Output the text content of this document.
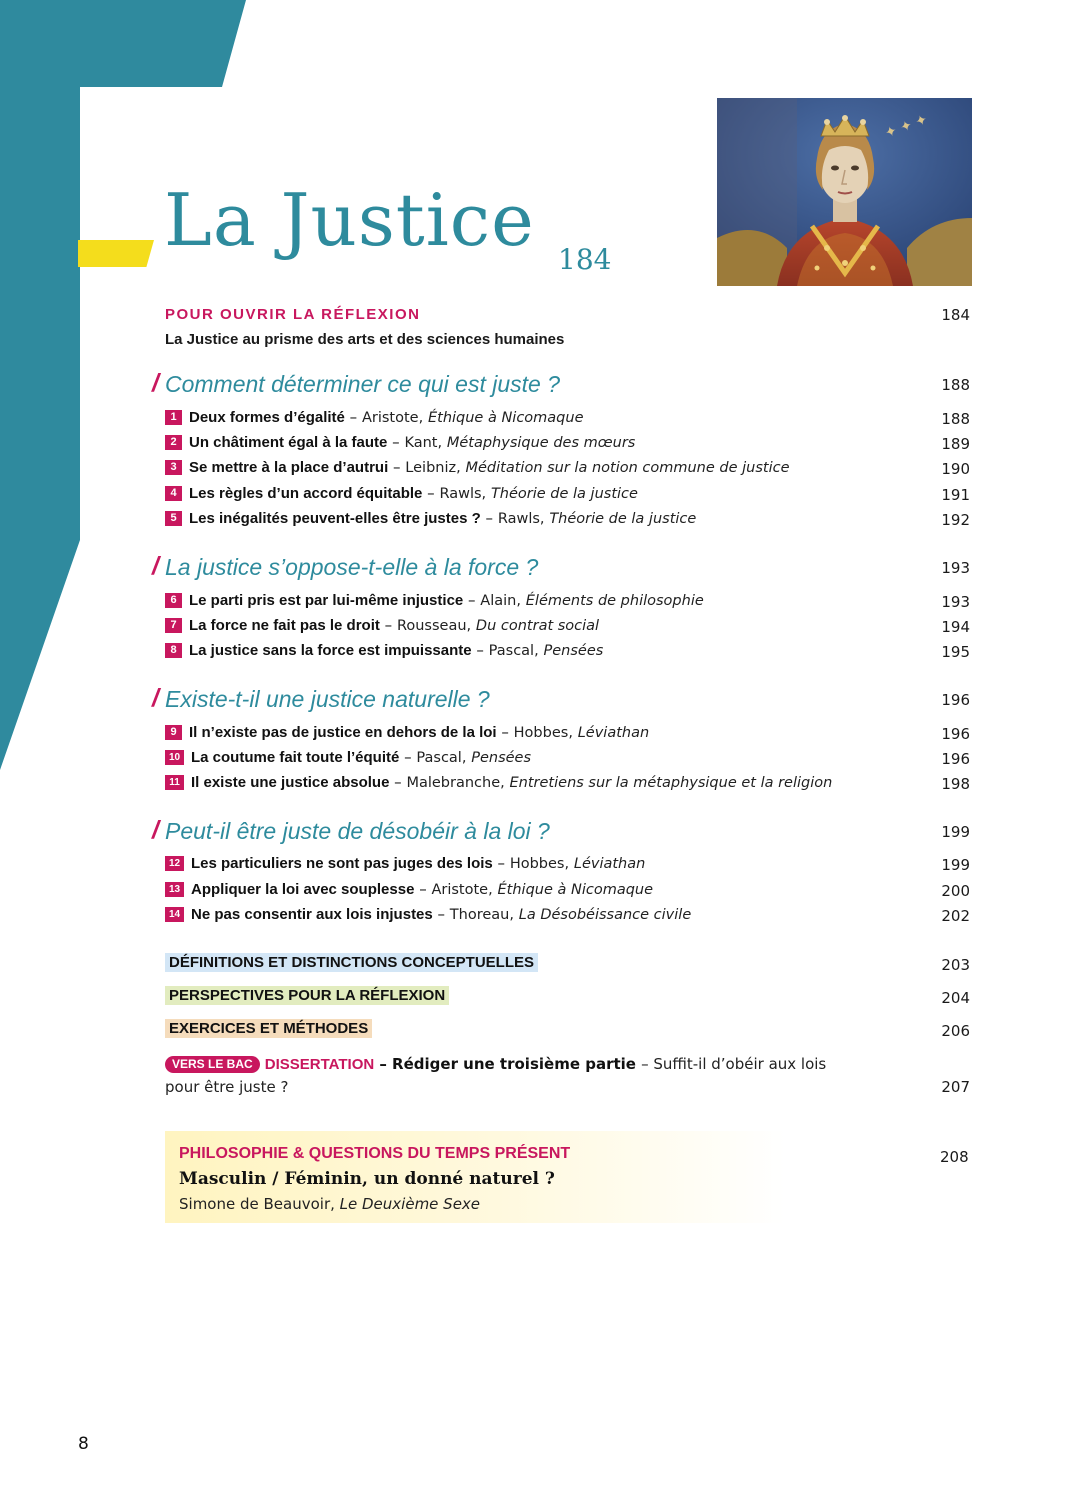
La Justice 184
✦ ✦ ✦
POUR OUVRIR LA RÉFLEXION	184
La Justice au prisme des arts et des sciences humaines
/ Comment déterminer ce qui est juste ?	188
1 Deux formes d’égalité – Aristote, Éthique à Nicomaque	188
2 Un châtiment égal à la faute – Kant, Métaphysique des mœurs	189
3 Se mettre à la place d’autrui – Leibniz, Méditation sur la notion commune de justice	190
4 Les règles d’un accord équitable – Rawls, Théorie de la justice	191
5 Les inégalités peuvent-elles être justes ? – Rawls, Théorie de la justice	192
/ La justice s’oppose-t-elle à la force ?	193
6 Le parti pris est par lui-même injustice – Alain, Éléments de philosophie	193
7 La force ne fait pas le droit – Rousseau, Du contrat social	194
8 La justice sans la force est impuissante – Pascal, Pensées	195
/ Existe-t-il une justice naturelle ?	196
9 Il n’existe pas de justice en dehors de la loi – Hobbes, Léviathan	196
10 La coutume fait toute l’équité – Pascal, Pensées	196
11 Il existe une justice absolue – Malebranche, Entretiens sur la métaphysique et la religion	198
/ Peut-il être juste de désobéir à la loi ?	199
12 Les particuliers ne sont pas juges des lois – Hobbes, Léviathan	199
13 Appliquer la loi avec souplesse – Aristote, Éthique à Nicomaque	200
14 Ne pas consentir aux lois injustes – Thoreau, La Désobéissance civile	202
DÉFINITIONS ET DISTINCTIONS CONCEPTUELLES	203
PERSPECTIVES POUR LA RÉFLEXION	204
EXERCICES ET MÉTHODES	206
VERS LE BAC DISSERTATION – Rédiger une troisième partie – Suffit-il d’obéir aux lois
pour être juste ?	207
PHILOSOPHIE & QUESTIONS DU TEMPS PRÉSENT
Masculin / Féminin, un donné naturel ?
Simone de Beauvoir, Le Deuxième Sexe
208
8
